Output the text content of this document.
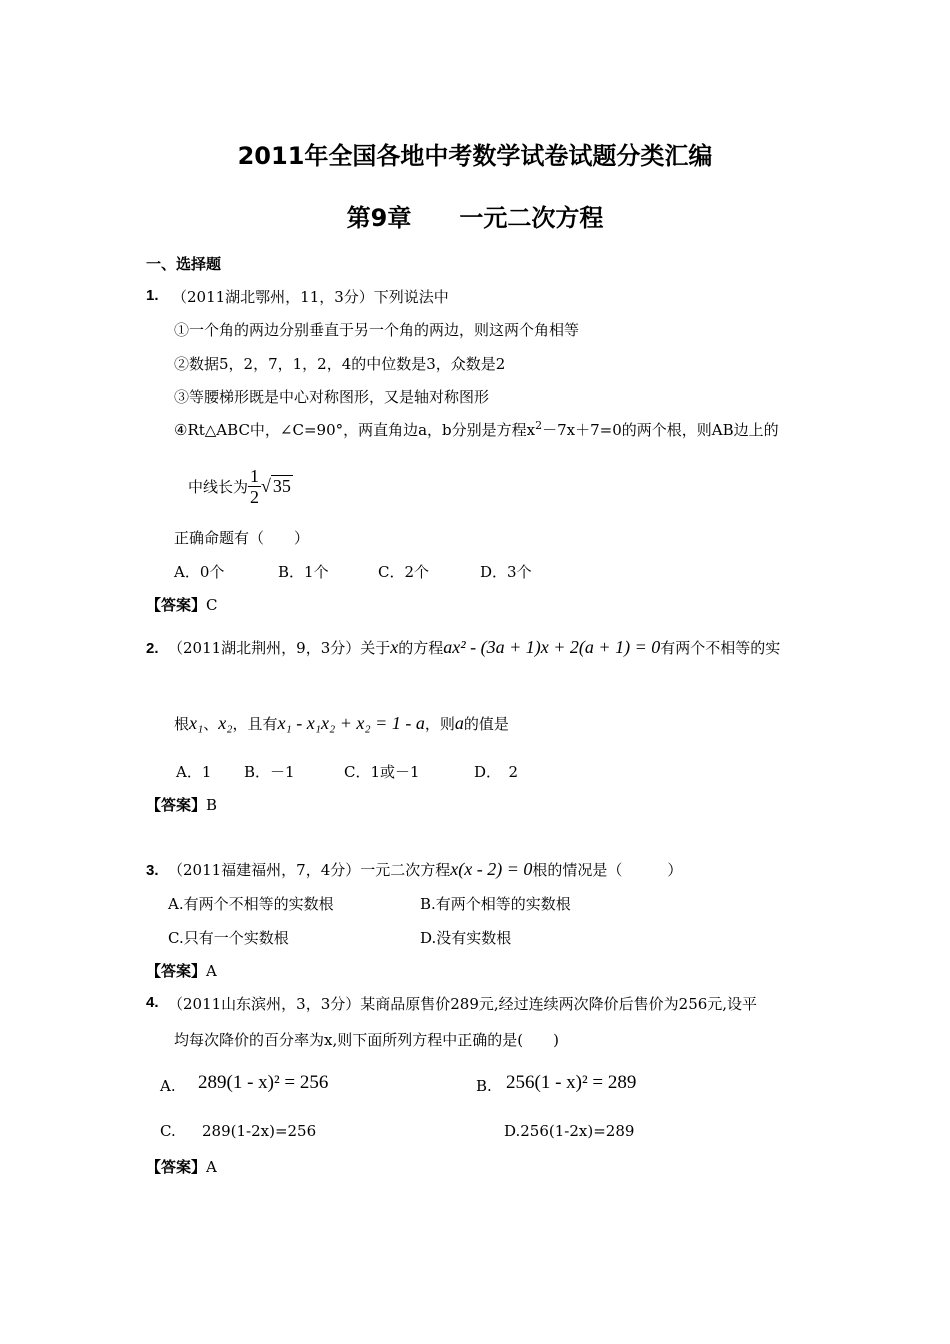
2011年全国各地中考数学试卷试题分类汇编
第9章　　一元二次方程
一、选择题
1. （2011湖北鄂州，11，3分）下列说法中
①一个角的两边分别垂直于另一个角的两边，则这两个角相等
②数据5，2，7，1，2，4的中位数是3，众数是2
③等腰梯形既是中心对称图形，又是轴对称图形
④Rt△ABC中，∠C=90°，两直角边a，b分别是方程$x^2-7x+7=0$的两个根，则AB边上的
中线长为 $\frac{1}{2}$ √ 35
正确命题有（　　）
A．0个	B．1个	C．2个	D．3个
【答案】C
2. （2011湖北荆州，9，3分）关于x的方程ax² - (3a + 1)x + 2(a + 1) = 0有两个不相等的实
根x₁、x₂，且有x₁ - x₁x₂ + x₂ = 1 - a，则a的值是
A．1 B．－1	C．1或－1	D．　2
【答案】B
3. （2011福建福州，7，4分）一元二次方程x(x - 2) = 0根的情况是（　　　）
A.有两个不相等的实数根	B.有两个相等的实数根
C.只有一个实数根	D.没有实数根
【答案】A
4. （2011山东滨州，3，3分）某商品原售价289元,经过连续两次降价后售价为256元,设平
均每次降价的百分率为x,则下面所列方程中正确的是(　　)
A. 289(1 - x)² = 256	B. 256(1 - x)² = 289
C. 289(1-2x)=256	D.256(1-2x)=289
【答案】A
